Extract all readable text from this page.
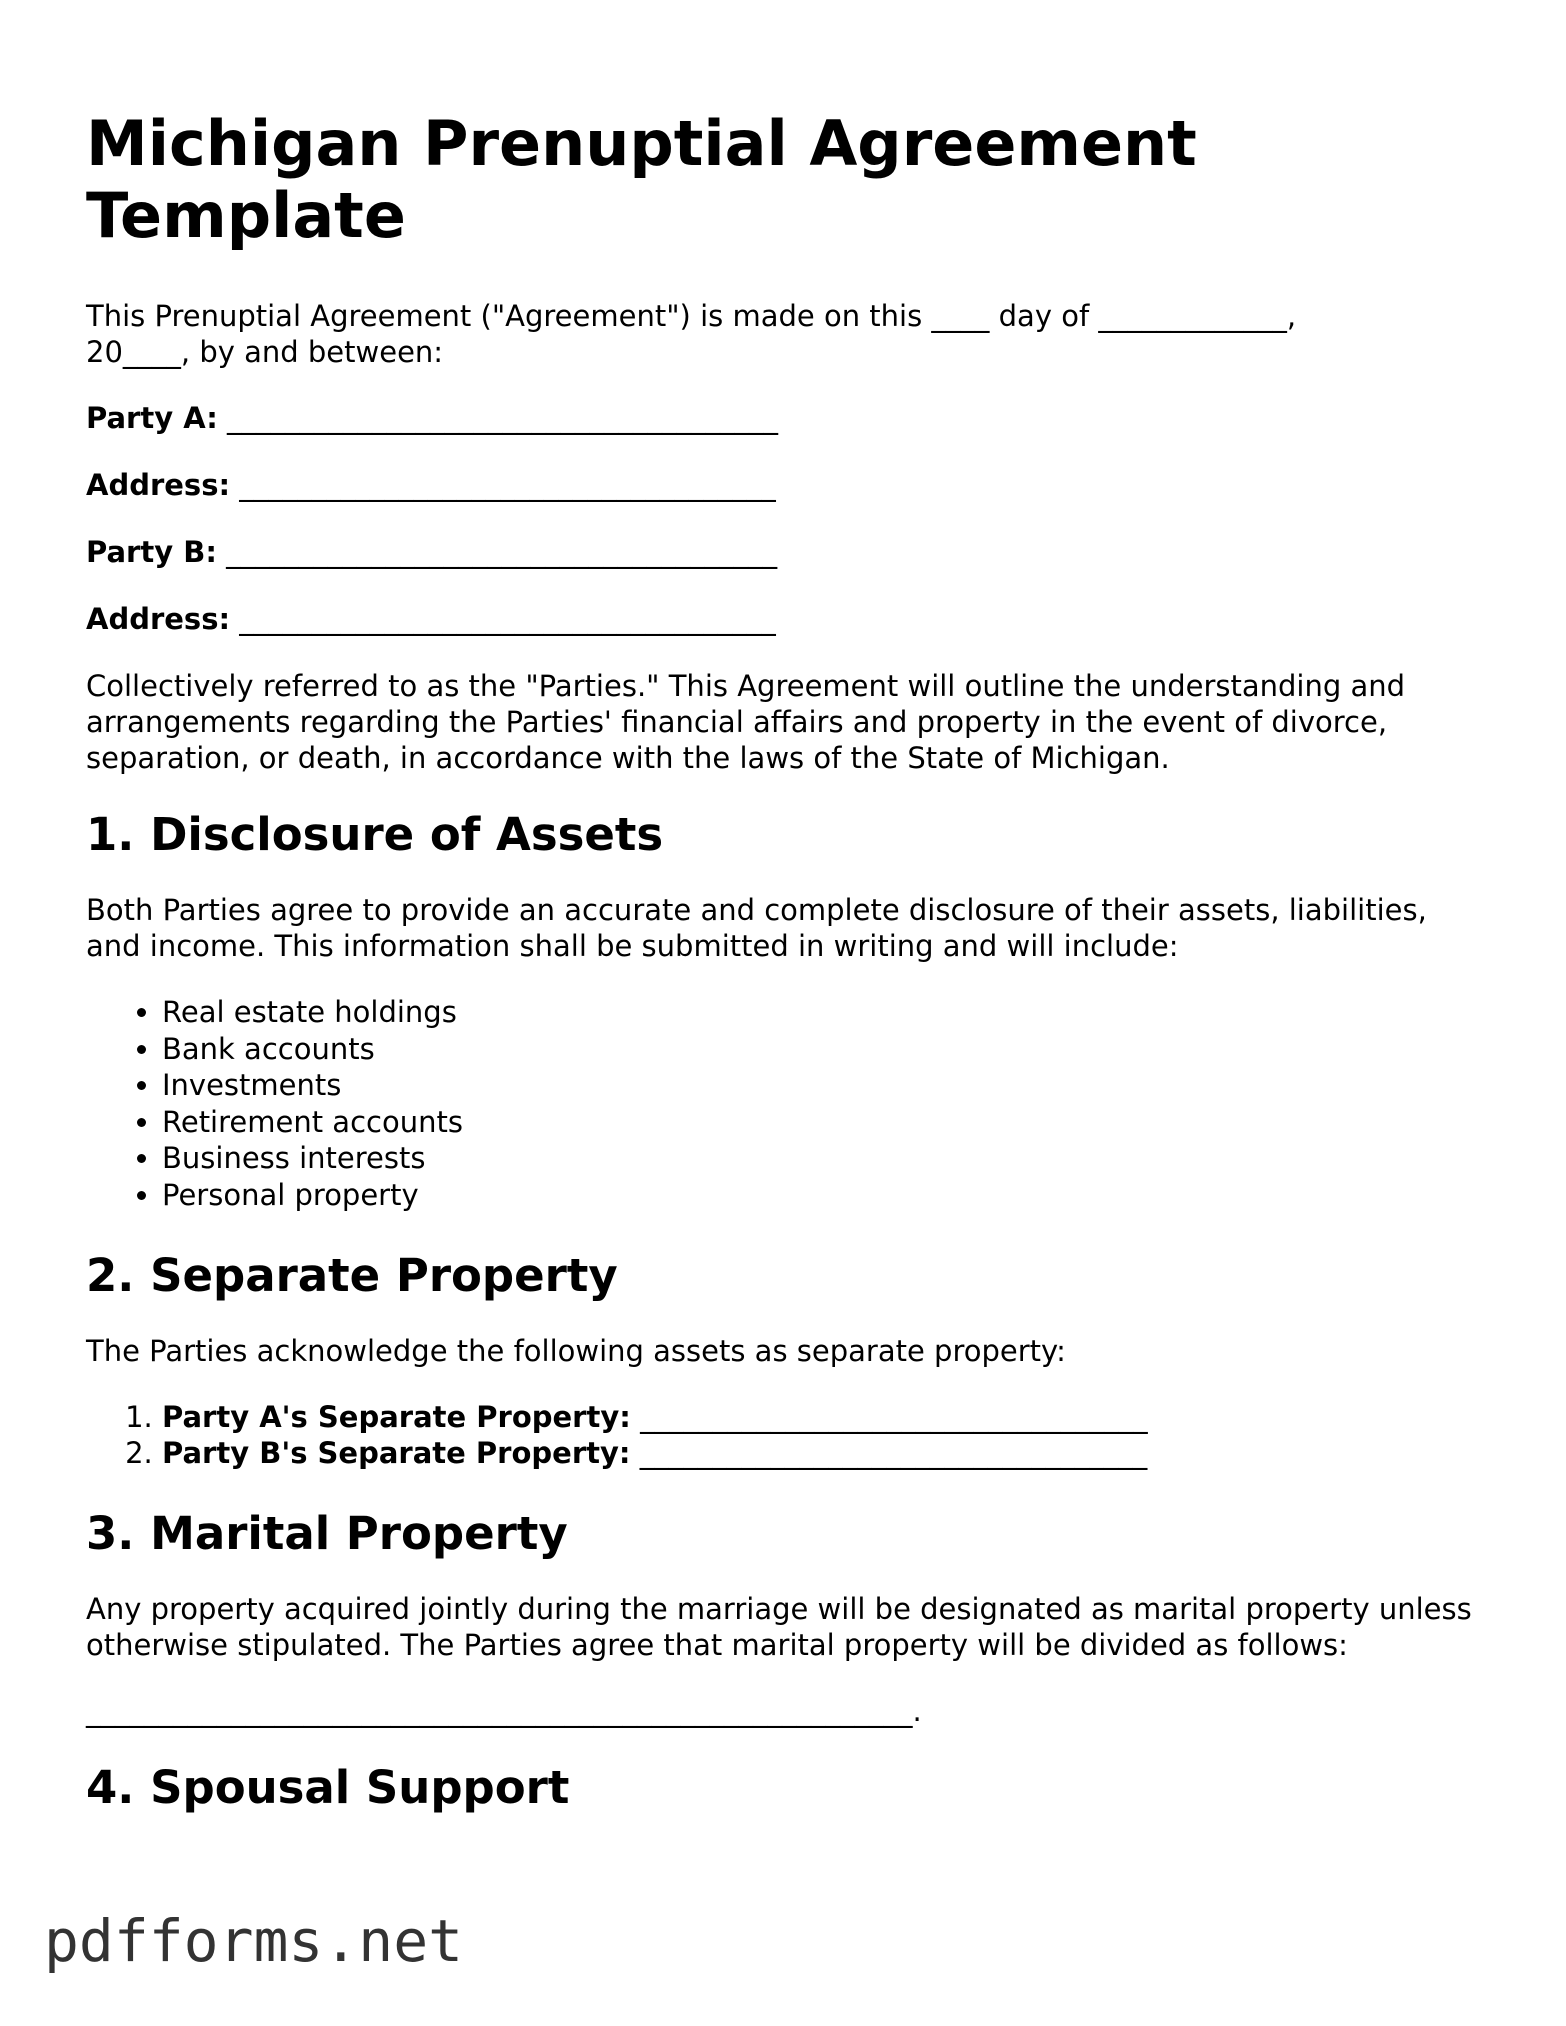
Michigan Prenuptial Agreement Template

This Prenuptial Agreement ("Agreement") is made on this ____ day of _____________, 20____, by and between:

Party A: ______________________________________
Address: _____________________________________
Party B: ______________________________________
Address: _____________________________________

Collectively referred to as the "Parties." This Agreement will outline the understanding and arrangements regarding the Parties' financial affairs and property in the event of divorce, separation, or death, in accordance with the laws of the State of Michigan.

1. Disclosure of Assets

Both Parties agree to provide an accurate and complete disclosure of their assets, liabilities, and income. This information shall be submitted in writing and will include:

• Real estate holdings
• Bank accounts
• Investments
• Retirement accounts
• Business interests
• Personal property
2. Separate Property

The Parties acknowledge the following assets as separate property:

1. Party A's Separate Property: ___________________________________
2. Party B's Separate Property: ___________________________________
3. Marital Property

Any property acquired jointly during the marriage will be designated as marital property unless otherwise stipulated. The Parties agree that marital property will be divided as follows:

_________________________________________________________.

4. Spousal Support
pdfforms.net
